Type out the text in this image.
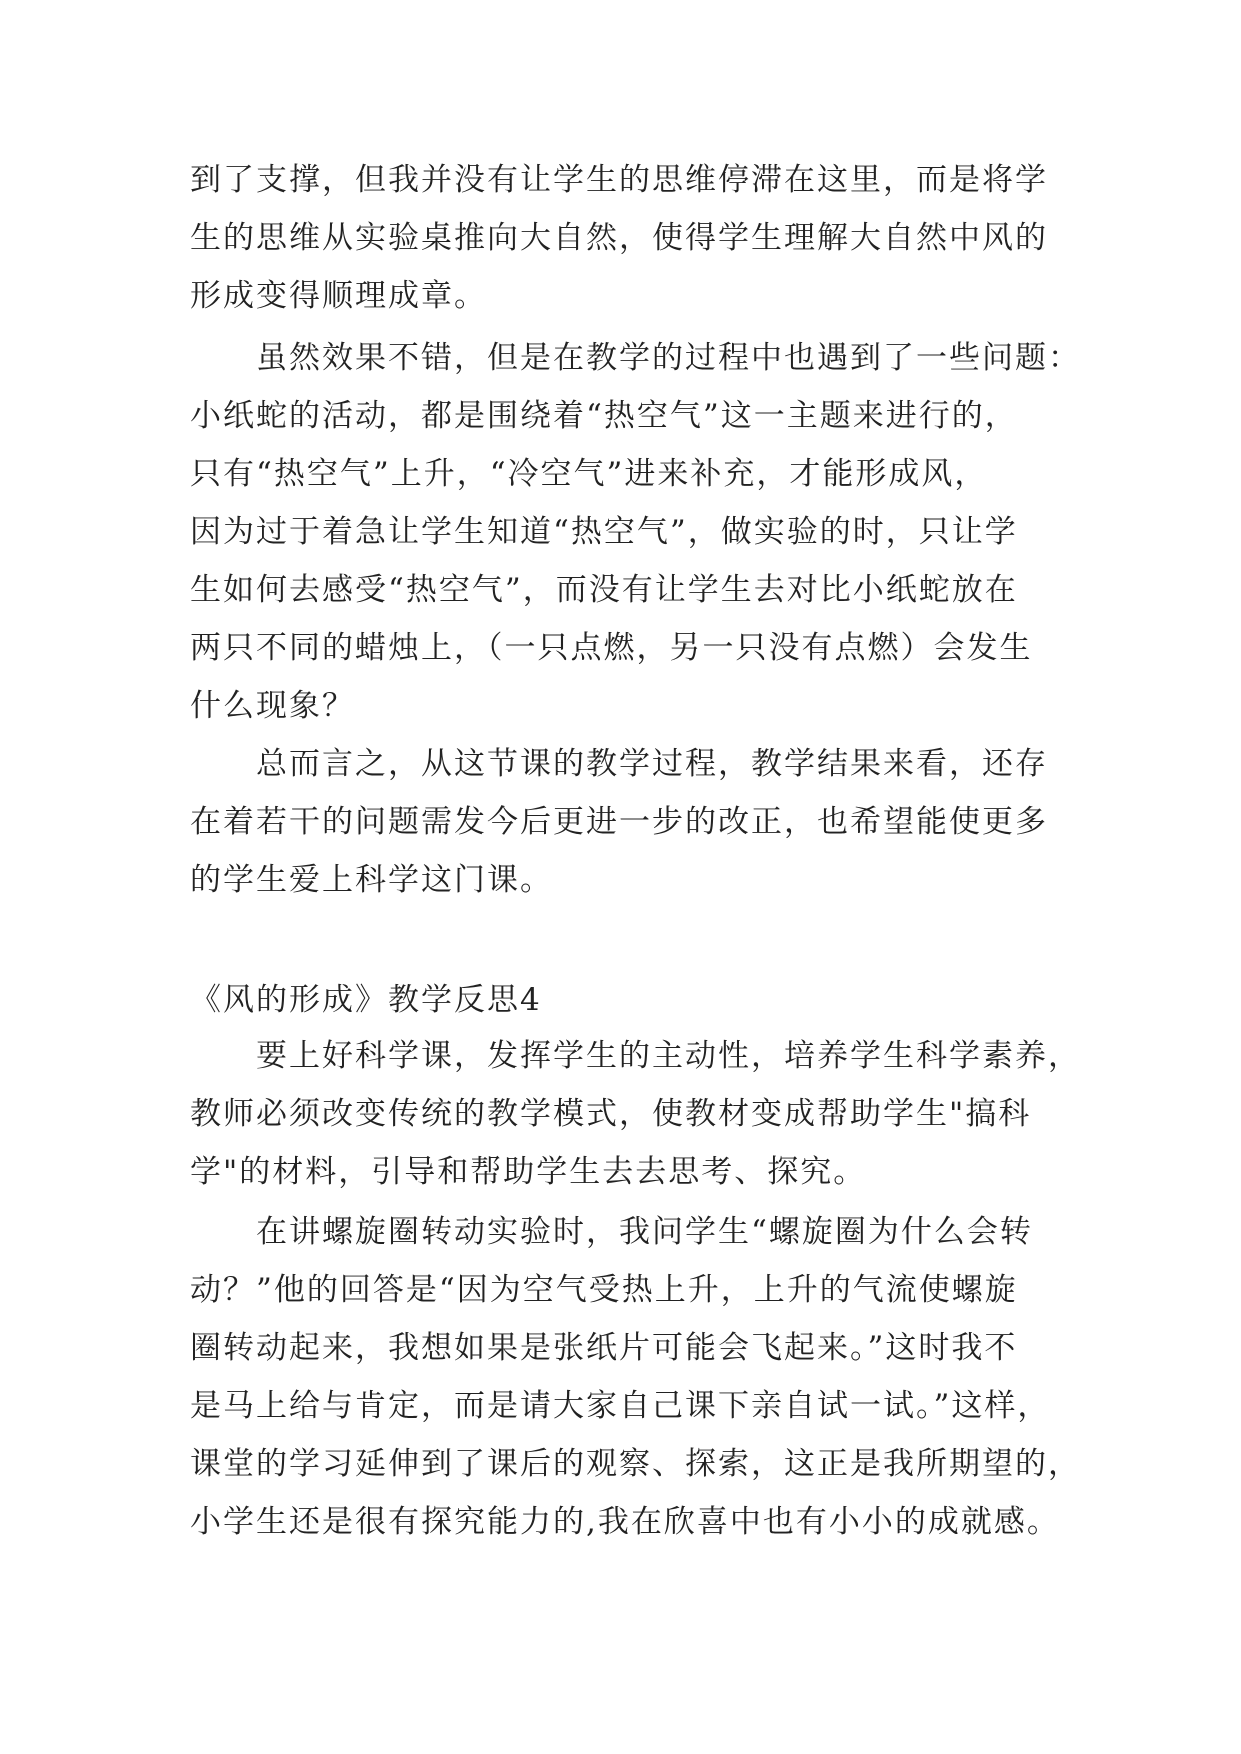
到了支撑，但我并没有让学生的思维停滞在这里，而是将学
生的思维从实验桌推向大自然，使得学生理解大自然中风的
形成变得顺理成章。
虽然效果不错，但是在教学的过程中也遇到了一些问题：
小纸蛇的活动，都是围绕着“热空气”这一主题来进行的，
只有“热空气”上升，“冷空气”进来补充，才能形成风，
因为过于着急让学生知道“热空气”，做实验的时，只让学
生如何去感受“热空气”，而没有让学生去对比小纸蛇放在
两只不同的蜡烛上，（一只点燃，另一只没有点燃）会发生
什么现象？
总而言之，从这节课的教学过程，教学结果来看，还存
在着若干的问题需发今后更进一步的改正，也希望能使更多
的学生爱上科学这门课。
《风的形成》教学反思4
要上好科学课，发挥学生的主动性，培养学生科学素养，
教师必须改变传统的教学模式，使教材变成帮助学生"搞科
学"的材料，引导和帮助学生去去思考、探究。
在讲螺旋圈转动实验时，我问学生“螺旋圈为什么会转
动？”他的回答是“因为空气受热上升，上升的气流使螺旋
圈转动起来，我想如果是张纸片可能会飞起来。”这时我不
是马上给与肯定，而是请大家自己课下亲自试一试。”这样，
课堂的学习延伸到了课后的观察、探索，这正是我所期望的，
小学生还是很有探究能力的,我在欣喜中也有小小的成就感。
